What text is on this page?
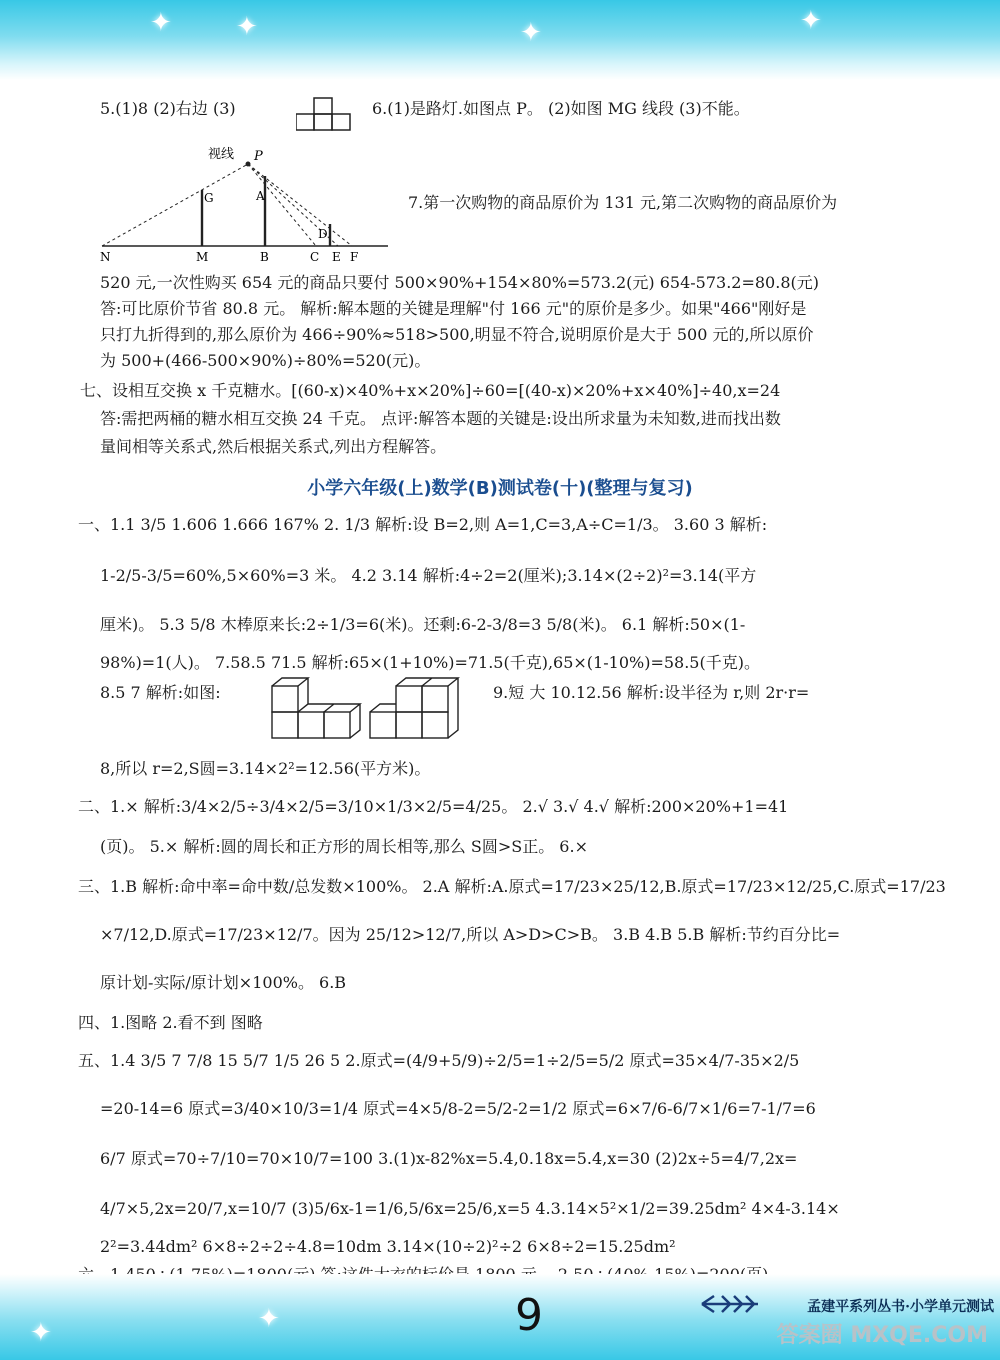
✦ ✦	✦	✦
5.(1)8 (2)右边 (3)	6.(1)是路灯.如图点 P。 (2)如图 MG 线段 (3)不能。
7.第一次购物的商品原价为 131 元,第二次购物的商品原价为
520 元,一次性购买 654 元的商品只要付 500×90%+154×80%=573.2(元) 654-573.2=80.8(元)
答:可比原价节省 80.8 元。 解析:解本题的关键是理解"付 166 元"的原价是多少。如果"466"刚好是
只打九折得到的,那么原价为 466÷90%≈518>500,明显不符合,说明原价是大于 500 元的,所以原价
为 500+(466-500×90%)÷80%=520(元)。
七、设相互交换 x 千克糖水。[(60-x)×40%+x×20%]÷60=[(40-x)×20%+x×40%]÷40,x=24
答:需把两桶的糖水相互交换 24 千克。 点评:解答本题的关键是:设出所求量为未知数,进而找出数
量间相等关系式,然后根据关系式,列出方程解答。
一、1.1 3/5 1.606 1.666 167% 2. 1/3 解析:设 B=2,则 A=1,C=3,A÷C=1/3。 3.60 3 解析:
1-2/5-3/5=60%,5×60%=3 米。 4.2 3.14 解析:4÷2=2(厘米);3.14×(2÷2)²=3.14(平方
厘米)。 5.3 5/8 木棒原来长:2÷1/3=6(米)。还剩:6-2-3/8=3 5/8(米)。 6.1 解析:50×(1-
98%)=1(人)。 7.58.5 71.5 解析:65×(1+10%)=71.5(千克),65×(1-10%)=58.5(千克)。
8.5 7 解析:如图:	9.短 大 10.12.56 解析:设半径为 r,则 2r·r=
8,所以 r=2,S圆=3.14×2²=12.56(平方米)。
二、1.× 解析:3/4×2/5÷3/4×2/5=3/10×1/3×2/5=4/25。 2.√ 3.√ 4.√ 解析:200×20%+1=41
(页)。 5.× 解析:圆的周长和正方形的周长相等,那么 S圆>S正。 6.×
三、1.B 解析:命中率=命中数/总发数×100%。 2.A 解析:A.原式=17/23×25/12,B.原式=17/23×12/25,C.原式=17/23
×7/12,D.原式=17/23×12/7。因为 25/12>12/7,所以 A>D>C>B。 3.B 4.B 5.B 解析:节约百分比=
原计划-实际/原计划×100%。 6.B
四、1.图略 2.看不到 图略
五、1.4 3/5 7 7/8 15 5/7 1/5 26 5 2.原式=(4/9+5/9)÷2/5=1÷2/5=5/2 原式=35×4/7-35×2/5
=20-14=6 原式=3/40×10/3=1/4 原式=4×5/8-2=5/2-2=1/2 原式=6×7/6-6/7×1/6=7-1/7=6
6/7 原式=70÷7/10=70×10/7=100 3.(1)x-82%x=5.4,0.18x=5.4,x=30 (2)2x÷5=4/7,2x=
4/7×5,2x=20/7,x=10/7 (3)5/6x-1=1/6,5/6x=25/6,x=5 4.3.14×5²×1/2=39.25dm² 4×4-3.14×
2²=3.44dm² 6×8÷2÷2÷4.8=10dm 3.14×(10÷2)²÷2 6×8÷2=15.25dm²
视线 P
G	A
D
N	M	B	C E F
小学六年级(上)数学(B)测试卷(十)(整理与复习)
✦
✦	9	孟建平系列丛书·小学单元测试
答案圈 MXQE.COM
